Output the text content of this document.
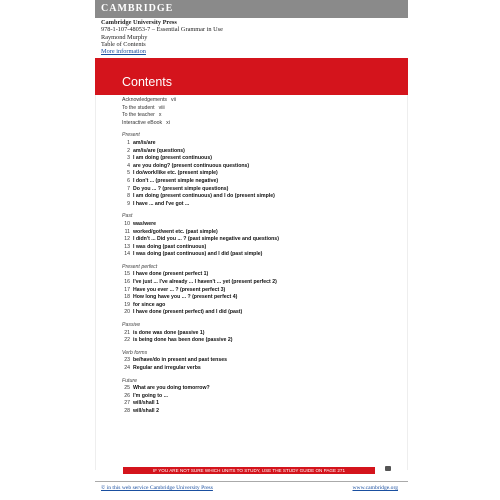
CAMBRIDGE
Cambridge University Press
978-1-107-48053-7 – Essential Grammar in Use
Raymond Murphy
Table of Contents
More information
Contents
Acknowledgements vii
To the student viii
To the teacher x
Interactive eBook xi
Present
1 am/is/are
2 am/is/are (questions)
3 I am doing (present continuous)
4 are you doing? (present continuous questions)
5 I do/work/like etc. (present simple)
6 I don't ... (present simple negative)
7 Do you ... ? (present simple questions)
8 I am doing (present continuous) and I do (present simple)
9 I have ... and I've got ...
Past
10 was/were
11 worked/got/went etc. (past simple)
12 I didn't ... Did you ... ? (past simple negative and questions)
13 I was doing (past continuous)
14 I was doing (past continuous) and I did (past simple)
Present perfect
15 I have done (present perfect 1)
16 I've just ... I've already ... I haven't ... yet (present perfect 2)
17 Have you ever ... ? (present perfect 3)
18 How long have you ... ? (present perfect 4)
19 for since ago
20 I have done (present perfect) and I did (past)
Passive
21 is done was done (passive 1)
22 is being done has been done (passive 2)
Verb forms
23 be/have/do in present and past tenses
24 Regular and irregular verbs
Future
25 What are you doing tomorrow?
26 I'm going to ...
27 will/shall 1
28 will/shall 2
IF YOU ARE NOT SURE WHICH UNITS TO STUDY, USE THE STUDY GUIDE ON PAGE 271
© in this web service Cambridge University Press	www.cambridge.org
